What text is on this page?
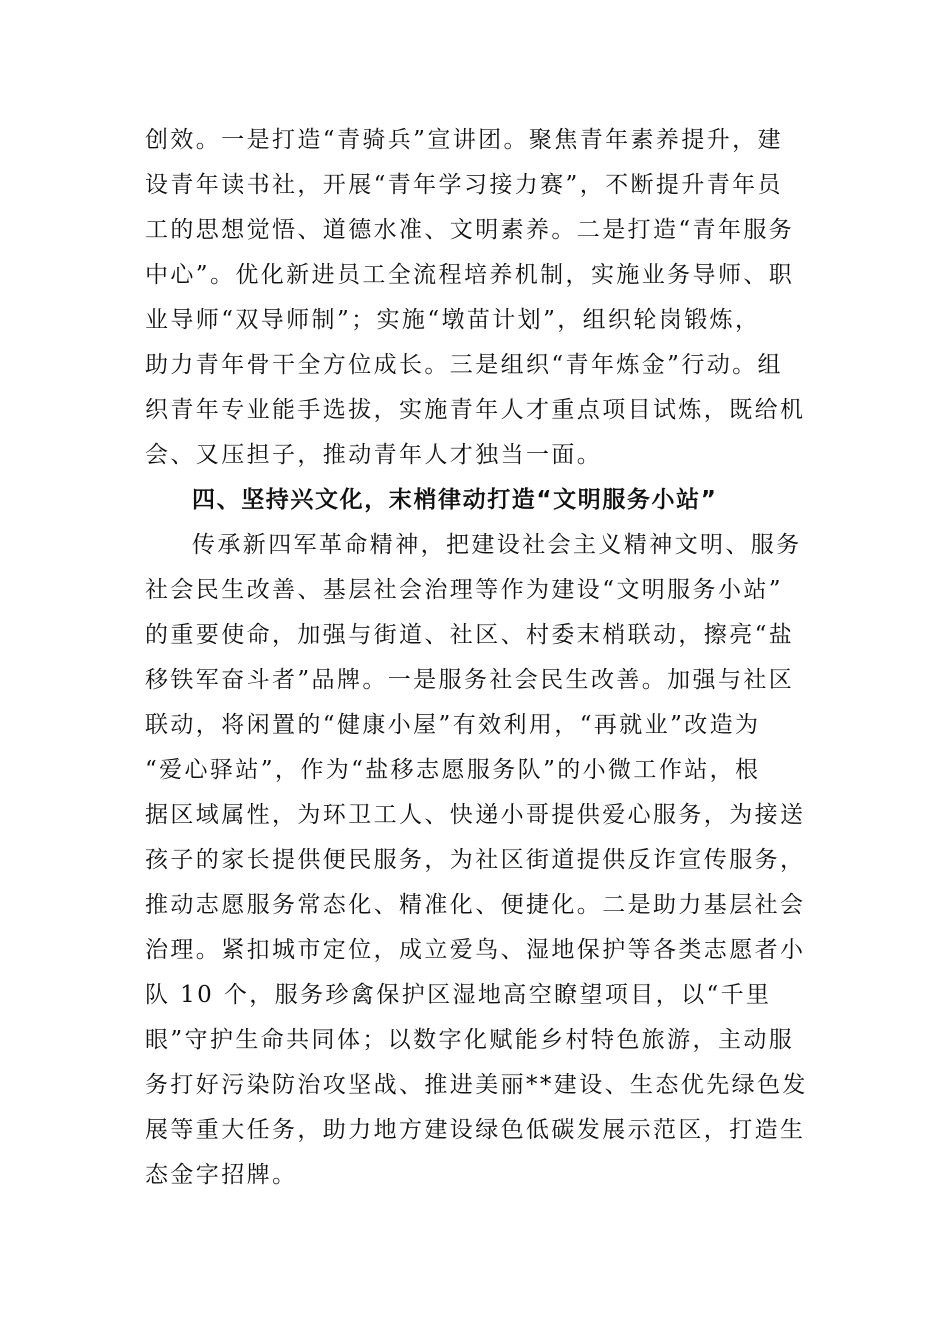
创效。一是打造“青骑兵”宣讲团。聚焦青年素养提升，建
设青年读书社，开展“青年学习接力赛”，不断提升青年员
工的思想觉悟、道德水准、文明素养。二是打造“青年服务
中心”。优化新进员工全流程培养机制，实施业务导师、职
业导师“双导师制”；实施“墩苗计划”，组织轮岗锻炼，
助力青年骨干全方位成长。三是组织“青年炼金”行动。组
织青年专业能手选拔，实施青年人才重点项目试炼，既给机
会、又压担子，推动青年人才独当一面。
四、坚持兴文化，末梢律动打造“文明服务小站”
传承新四军革命精神，把建设社会主义精神文明、服务
社会民生改善、基层社会治理等作为建设“文明服务小站”
的重要使命，加强与街道、社区、村委末梢联动，擦亮“盐
移铁军奋斗者”品牌。一是服务社会民生改善。加强与社区
联动，将闲置的“健康小屋”有效利用，“再就业”改造为
“爱心驿站”，作为“盐移志愿服务队”的小微工作站，根
据区域属性，为环卫工人、快递小哥提供爱心服务，为接送
孩子的家长提供便民服务，为社区街道提供反诈宣传服务，
推动志愿服务常态化、精准化、便捷化。二是助力基层社会
治理。紧扣城市定位，成立爱鸟、湿地保护等各类志愿者小
队 10 个，服务珍禽保护区湿地高空瞭望项目，以“千里
眼”守护生命共同体；以数字化赋能乡村特色旅游，主动服
务打好污染防治攻坚战、推进美丽**建设、生态优先绿色发
展等重大任务，助力地方建设绿色低碳发展示范区，打造生
态金字招牌。
